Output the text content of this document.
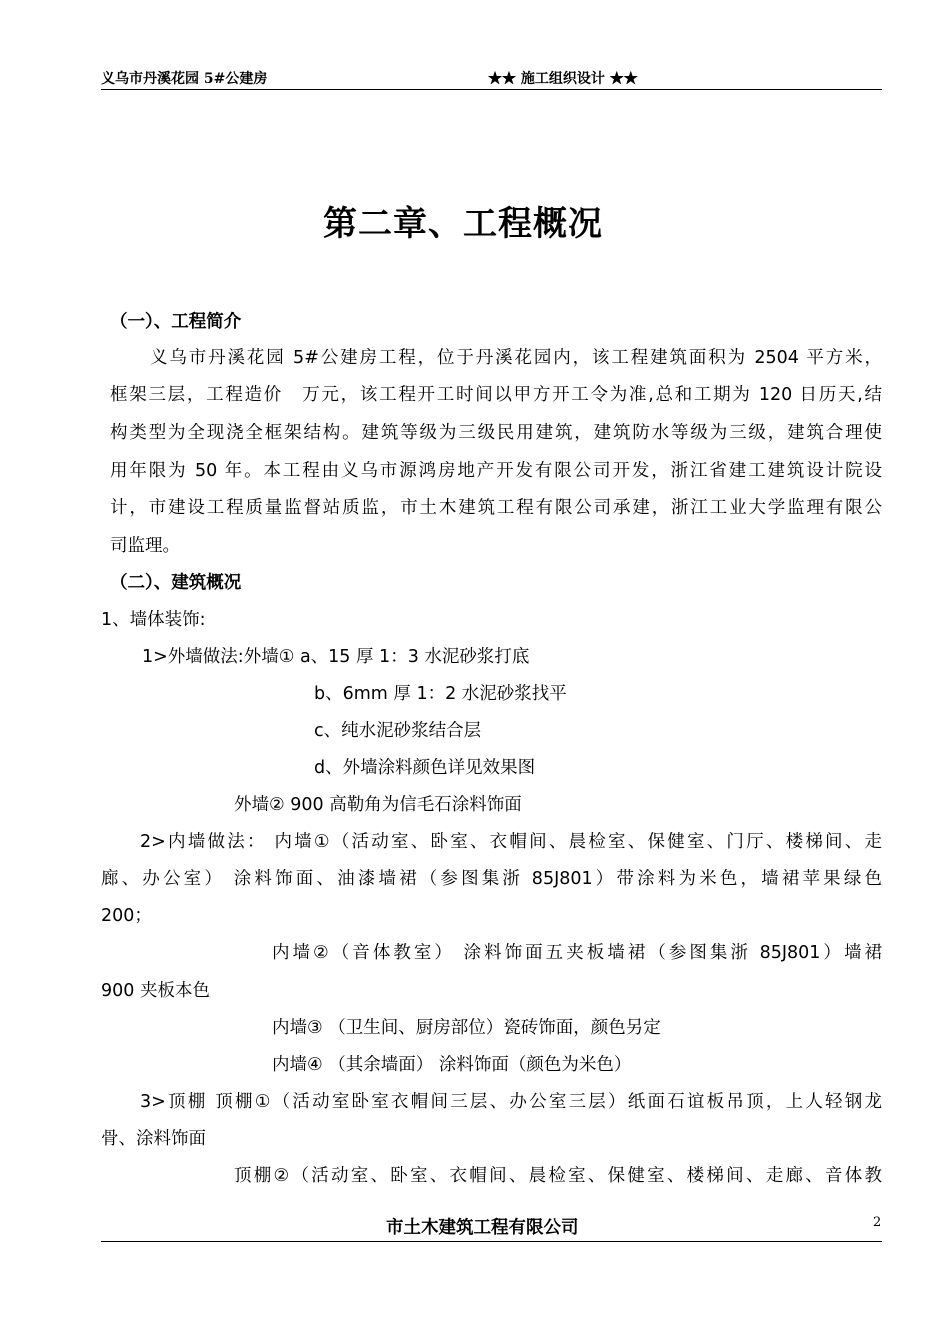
义乌市丹溪花园 5#公建房	★★ 施工组织设计 ★★
第二章、工程概况
（一）、工程简介
义乌市丹溪花园 5#公建房工程，位于丹溪花园内，该工程建筑面积为 2504 平方米，
框架三层，工程造价　万元，该工程开工时间以甲方开工令为准,总和工期为 120 日历天,结
构类型为全现浇全框架结构。建筑等级为三级民用建筑，建筑防水等级为三级，建筑合理使
用年限为 50 年。本工程由义乌市源鸿房地产开发有限公司开发，浙江省建工建筑设计院设
计，市建设工程质量监督站质监，市土木建筑工程有限公司承建，浙江工业大学监理有限公
司监理。
（二）、建筑概况
1、墙体装饰:
1>外墙做法:外墙① a、15 厚 1：3 水泥砂浆打底
b、6mm 厚 1：2 水泥砂浆找平
c、纯水泥砂浆结合层
d、外墙涂料颜色详见效果图
外墙② 900 高勒角为信毛石涂料饰面
2>内墙做法： 内墙①（活动室、卧室、衣帽间、晨检室、保健室、门厅、楼梯间、走
廊、办公室） 涂料饰面、油漆墙裙（参图集浙 85J801）带涂料为米色，墙裙苹果绿色
200；
内墙②（音体教室） 涂料饰面五夹板墙裙（参图集浙 85J801）墙裙
900 夹板本色
内墙③ （卫生间、厨房部位）瓷砖饰面，颜色另定
内墙④ （其余墙面） 涂料饰面（颜色为米色）
3>顶棚 顶棚①（活动室卧室衣帽间三层、办公室三层）纸面石谊板吊顶，上人轻钢龙
骨、涂料饰面
顶棚②（活动室、卧室、衣帽间、晨检室、保健室、楼梯间、走廊、音体教
市土木建筑工程有限公司	2
